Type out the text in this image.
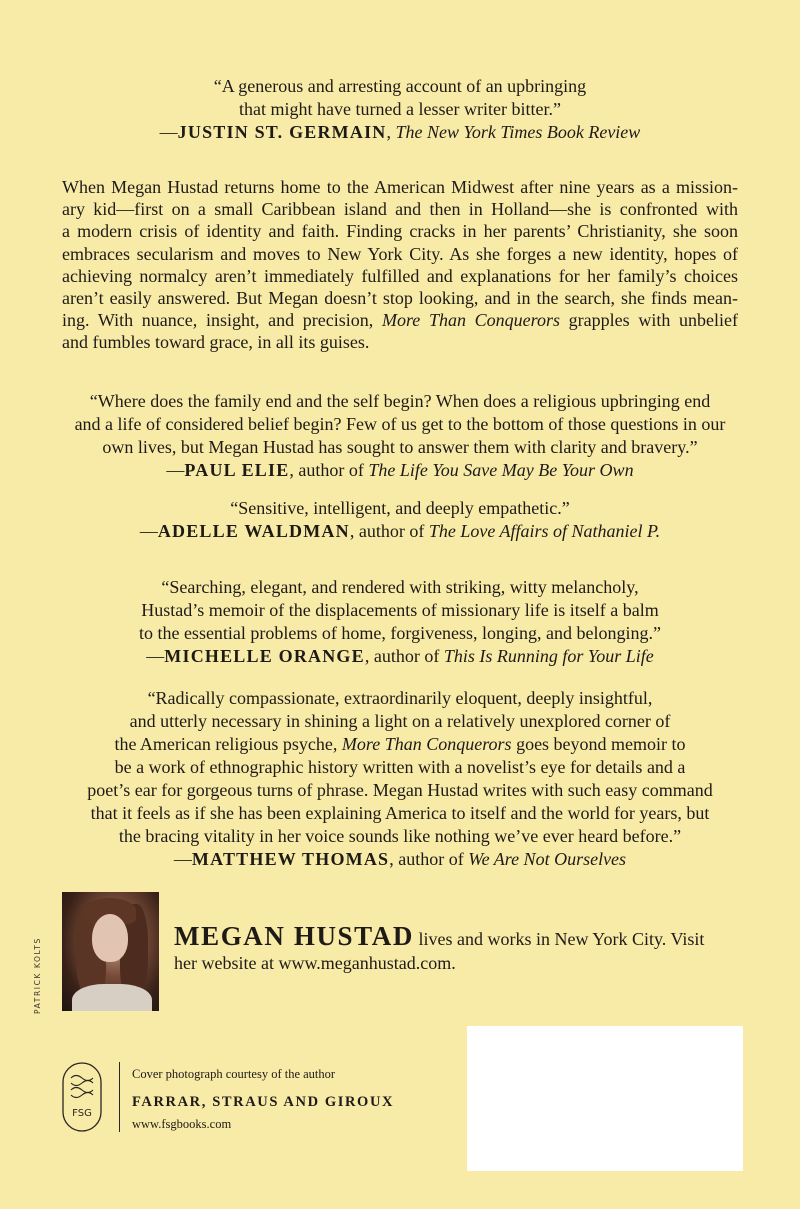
“A generous and arresting account of an upbringing
that might have turned a lesser writer bitter.”
—JUSTIN ST. GERMAIN, The New York Times Book Review
When Megan Hustad returns home to the American Midwest after nine years as a mission-
ary kid—first on a small Caribbean island and then in Holland—she is confronted with
a modern crisis of identity and faith. Finding cracks in her parents’ Christianity, she soon
embraces secularism and moves to New York City. As she forges a new identity, hopes of
achieving normalcy aren’t immediately fulfilled and explanations for her family’s choices
aren’t easily answered. But Megan doesn’t stop looking, and in the search, she finds mean-
ing. With nuance, insight, and precision, More Than Conquerors grapples with unbelief
and fumbles toward grace, in all its guises.
“Where does the family end and the self begin? When does a religious upbringing end
and a life of considered belief begin? Few of us get to the bottom of those questions in our
own lives, but Megan Hustad has sought to answer them with clarity and bravery.”
—PAUL ELIE, author of The Life You Save May Be Your Own
“Sensitive, intelligent, and deeply empathetic.”
—ADELLE WALDMAN, author of The Love Affairs of Nathaniel P.
“Searching, elegant, and rendered with striking, witty melancholy,
Hustad’s memoir of the displacements of missionary life is itself a balm
to the essential problems of home, forgiveness, longing, and belonging.”
—MICHELLE ORANGE, author of This Is Running for Your Life
“Radically compassionate, extraordinarily eloquent, deeply insightful,
and utterly necessary in shining a light on a relatively unexplored corner of
the American religious psyche, More Than Conquerors goes beyond memoir to
be a work of ethnographic history written with a novelist’s eye for details and a
poet’s ear for gorgeous turns of phrase. Megan Hustad writes with such easy command
that it feels as if she has been explaining America to itself and the world for years, but
the bracing vitality in her voice sounds like nothing we’ve ever heard before.”
—MATTHEW THOMAS, author of We Are Not Ourselves
PATRICK KOLTS
MEGAN HUSTAD lives and works in New York City. Visit
her website at www.meganhustad.com.
FSG
Cover photograph courtesy of the author
FARRAR, STRAUS AND GIROUX
www.fsgbooks.com
